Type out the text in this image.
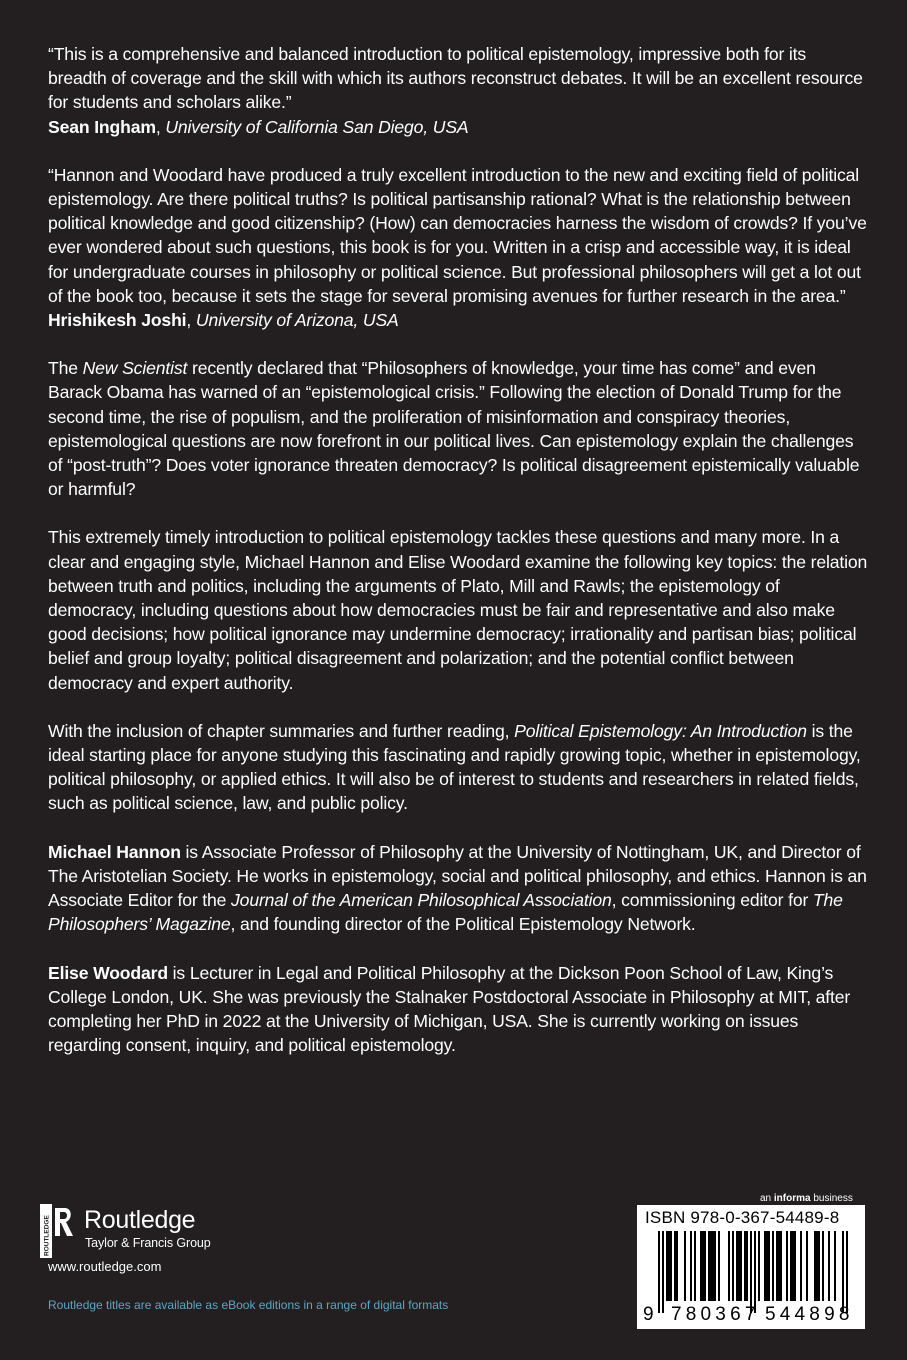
“This is a comprehensive and balanced introduction to political epistemology, impressive both for its breadth of coverage and the skill with which its authors reconstruct debates. It will be an excellent resource for students and scholars alike.”

Sean Ingham, University of California San Diego, USA

“Hannon and Woodard have produced a truly excellent introduction to the new and exciting field of political epistemology. Are there political truths? Is political partisanship rational? What is the relationship between political knowledge and good citizenship? (How) can democracies harness the wisdom of crowds? If you’ve ever wondered about such questions, this book is for you. Written in a crisp and accessible way, it is ideal for undergraduate courses in philosophy or political science. But professional philosophers will get a lot out of the book too, because it sets the stage for several promising avenues for further research in the area.”

Hrishikesh Joshi, University of Arizona, USA

The New Scientist recently declared that “Philosophers of knowledge, your time has come” and even Barack Obama has warned of an “epistemological crisis.” Following the election of Donald Trump for the second time, the rise of populism, and the proliferation of misinformation and conspiracy theories, epistemological questions are now forefront in our political lives. Can epistemology explain the challenges of “post-truth”? Does voter ignorance threaten democracy? Is political disagreement epistemically valuable or harmful?

This extremely timely introduction to political epistemology tackles these questions and many more. In a clear and engaging style, Michael Hannon and Elise Woodard examine the following key topics: the relation between truth and politics, including the arguments of Plato, Mill and Rawls; the epistemology of democracy, including questions about how democracies must be fair and representative and also make good decisions; how political ignorance may undermine democracy; irrationality and partisan bias; political belief and group loyalty; political disagreement and polarization; and the potential conflict between democracy and expert authority.

With the inclusion of chapter summaries and further reading, Political Epistemology: An Introduction is the ideal starting place for anyone studying this fascinating and rapidly growing topic, whether in epistemology, political philosophy, or applied ethics. It will also be of interest to students and researchers in related fields, such as political science, law, and public policy.

Michael Hannon is Associate Professor of Philosophy at the University of Nottingham, UK, and Director of The Aristotelian Society. He works in epistemology, social and political philosophy, and ethics. Hannon is an Associate Editor for the Journal of the American Philosophical Association, commissioning editor for The Philosophers’ Magazine, and founding director of the Political Epistemology Network.

Elise Woodard is Lecturer in Legal and Political Philosophy at the Dickson Poon School of Law, King’s College London, UK. She was previously the Stalnaker Postdoctoral Associate in Philosophy at MIT, after completing her PhD in 2022 at the University of Michigan, USA. She is currently working on issues regarding consent, inquiry, and political epistemology.

ROUTLEDGE Routledge
Taylor & Francis Group
www.routledge.com
Routledge titles are available as eBook editions in a range of digital formats
an informa business
ISBN 978-0-367-54489-8
9 780367 544898
